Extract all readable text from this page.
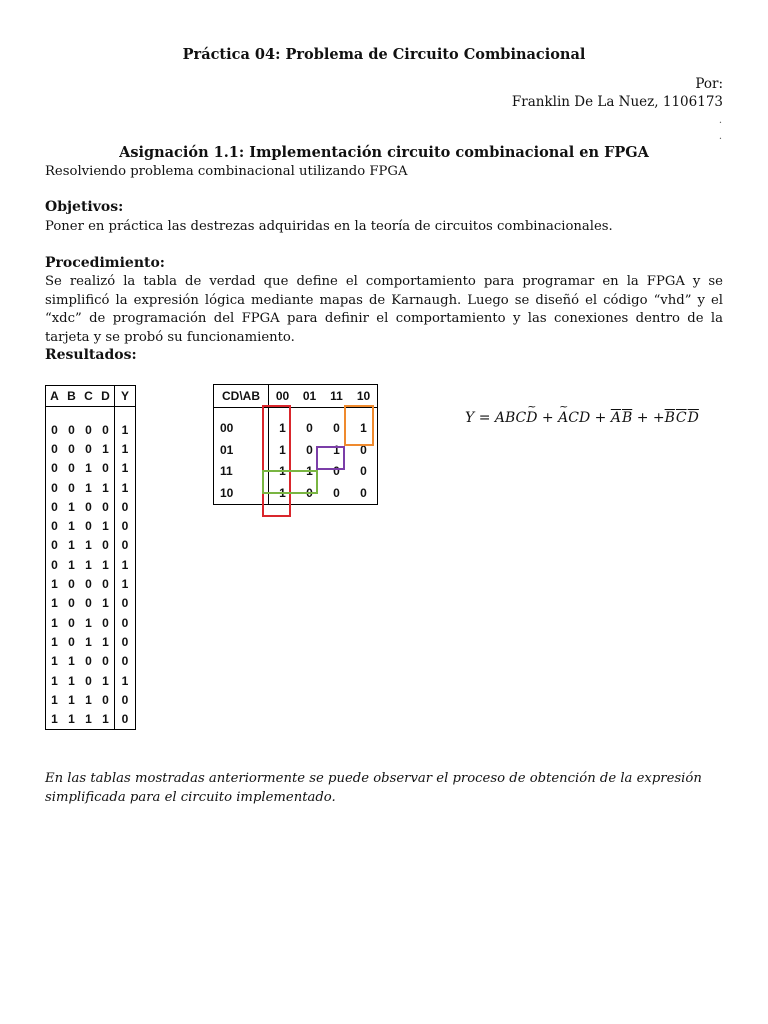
Práctica 04: Problema de Circuito Combinacional
Por:
Franklin De La Nuez, 1106173
.
.
Asignación 1.1: Implementación circuito combinacional en FPGA
Resolviendo problema combinacional utilizando FPGA
Objetivos:
Poner en práctica las destrezas adquiridas en la teoría de circuitos combinacionales.
Procedimiento:
Se realizó la tabla de verdad que define el comportamiento para programar en la FPGA y se simplificó la expresión lógica mediante mapas de Karnaugh. Luego se diseñó el código “vhd” y el “xdc” de programación del FPGA para definir el comportamiento y las conexiones dentro de la tarjeta y se probó su funcionamiento.
Resultados:
A	B	C	D	Y

0	0	0	0	1
0	0	0	1	1
0	0	1	0	1
0	0	1	1	1
0	1	0	0	0
0	1	0	1	0
0	1	1	0	0
0	1	1	1	1
1	0	0	0	1
1	0	0	1	0
1	0	1	0	0
1	0	1	1	0
1	1	0	0	0
1	1	0	1	1
1	1	1	0	0
1	1	1	1	0
CD\AB	00	01	11	10

00	1	0	0	1
01	1	0	1	0
11	1	1	0	0
10	1	0	0	0
Y = ABCD ~ + A ~CD + $\overline{A}\overline{B} + +\overline{B}\overline{C}\overline{D}$
En las tablas mostradas anteriormente se puede observar el proceso de obtención de la expresión simplificada para el circuito implementado.
